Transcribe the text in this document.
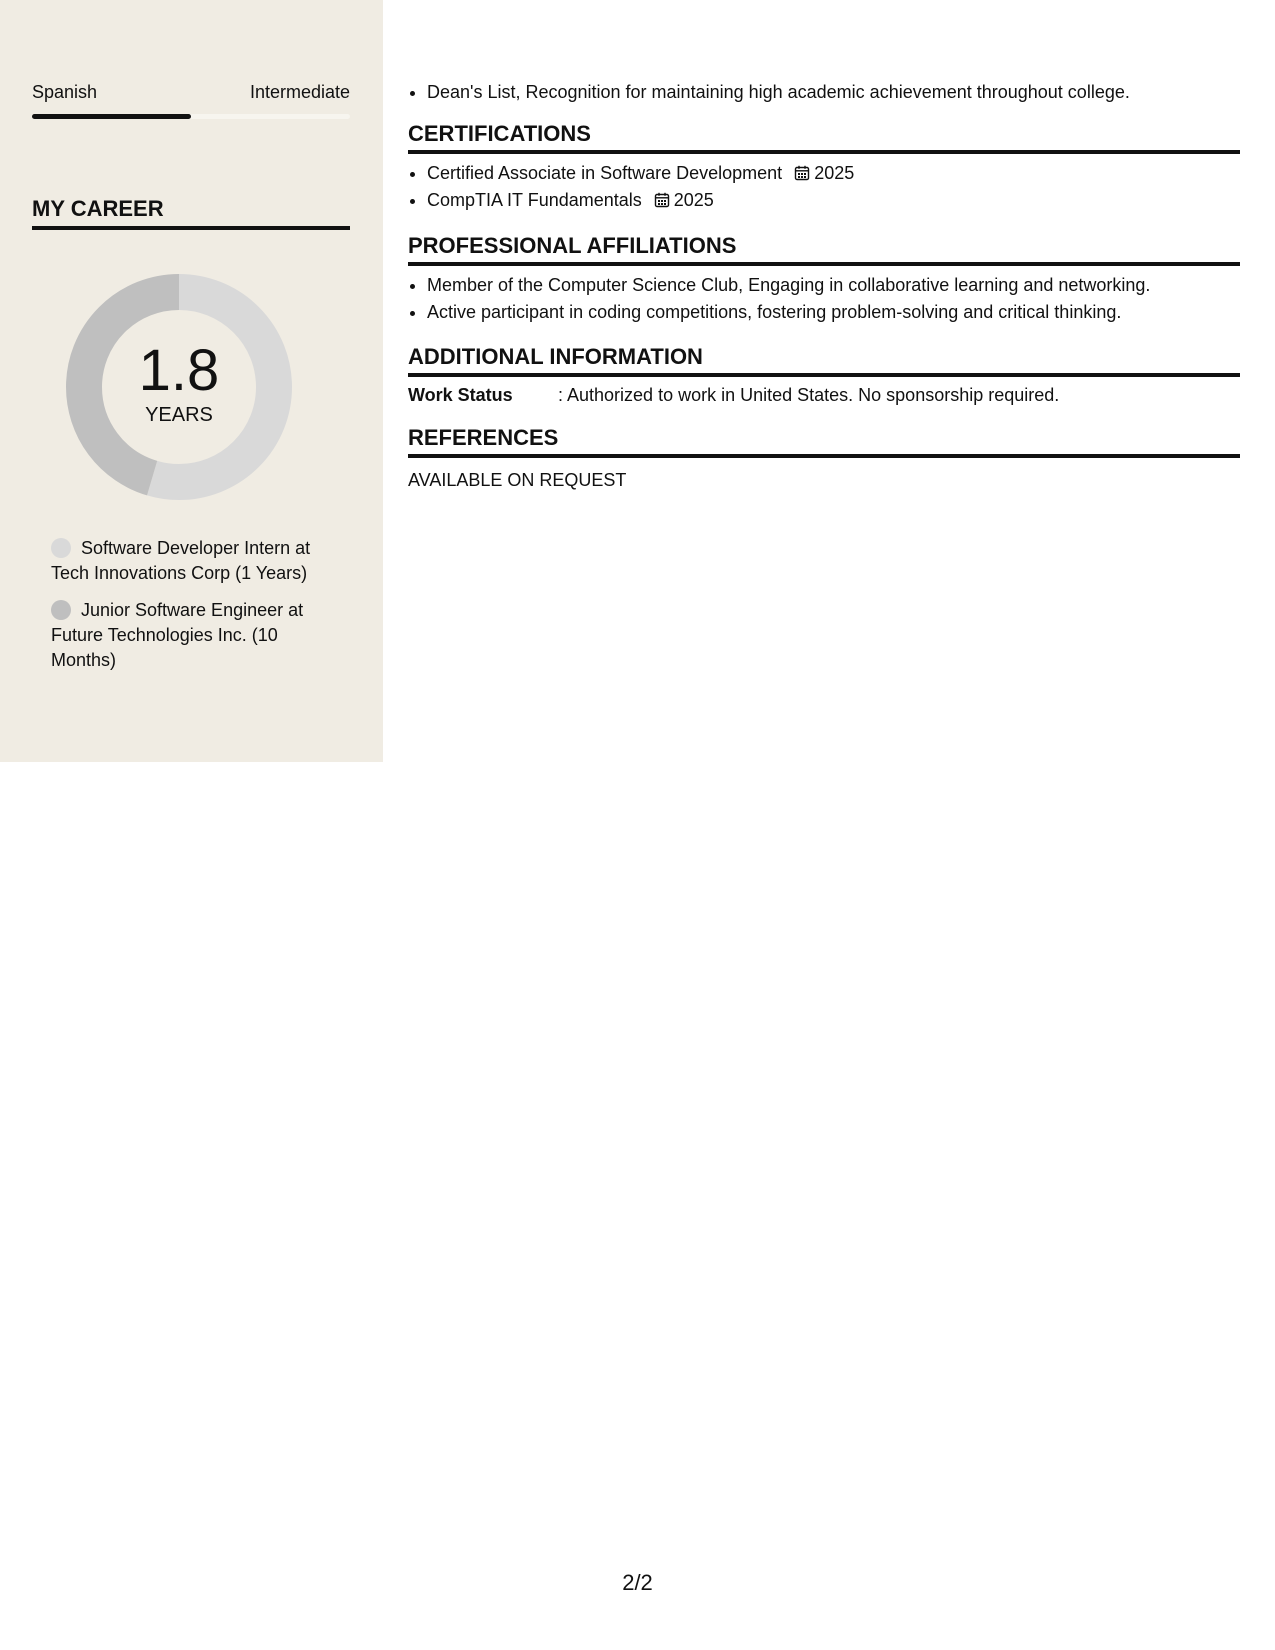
Spanish	Intermediate
MY CAREER
1.8
YEARS
Software Developer Intern at Tech Innovations Corp (1 Years)
Junior Software Engineer at Future Technologies Inc. (10 Months)
• Dean's List, Recognition for maintaining high academic achievement throughout college.
CERTIFICATIONS
• Certified Associate in Software Development 2025
• CompTIA IT Fundamentals 2025
PROFESSIONAL AFFILIATIONS
• Member of the Computer Science Club, Engaging in collaborative learning and networking.
• Active participant in coding competitions, fostering problem-solving and critical thinking.
ADDITIONAL INFORMATION
Work Status	: Authorized to work in United States. No sponsorship required.
REFERENCES
AVAILABLE ON REQUEST
2/2
